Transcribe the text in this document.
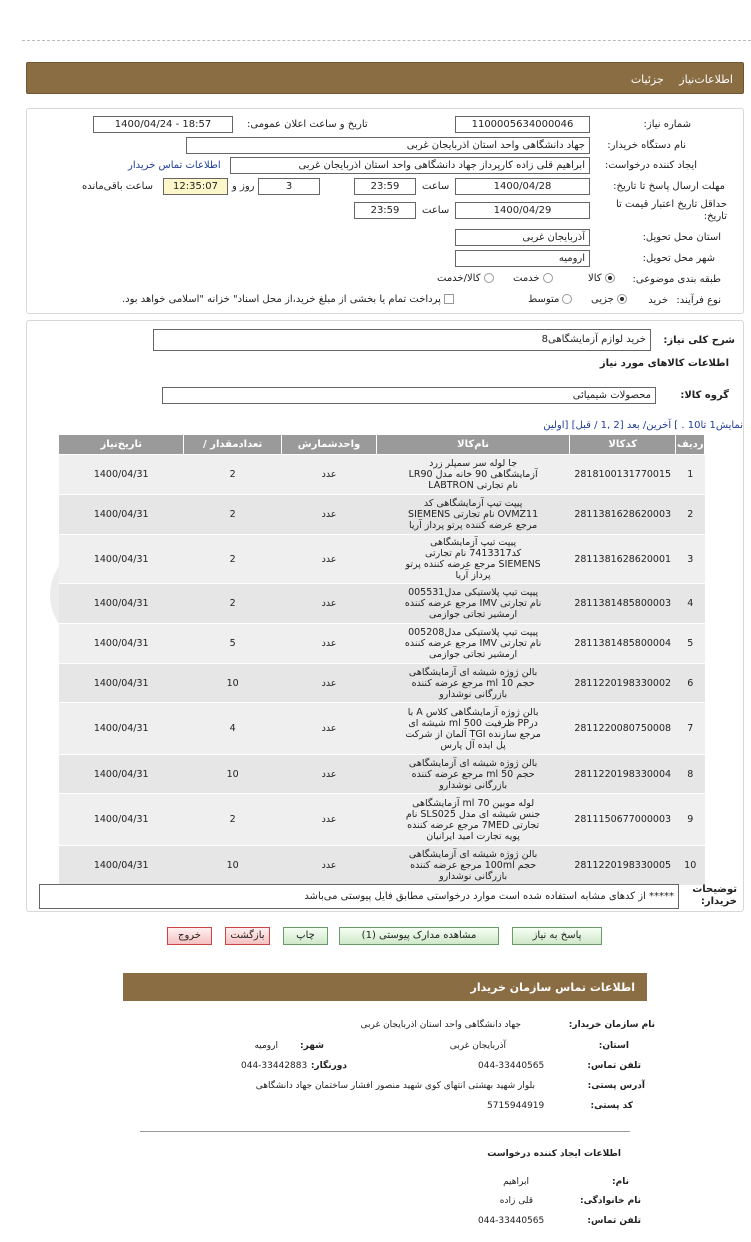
اطلاعات‌نیاز جزئیات
شماره نیاز:
1100005634000046
تاریخ و ساعت اعلان عمومی:
1400/04/24 - 18:57
نام دستگاه خریدار:
جهاد دانشگاهی واحد استان اذربایجان غربی
ایجاد کننده درخواست:
ابراهیم قلی زاده کارپرداز جهاد دانشگاهی واحد استان اذربایجان غربی
اطلاعات تماس خریدار
مهلت ارسال پاسخ تا تاریخ:
1400/04/28
ساعت
23:59
3
روز و
12:35:07
ساعت باقی‌مانده
حداقل تاریخ اعتبار قیمت تا تاریخ:
1400/04/29
ساعت
23:59
استان محل تحویل:
آذربایجان غربی
شهر محل تحویل:
ارومیه
طبقه بندی موضوعی:
کالا
خدمت
کالا/خدمت
نوع فرآیند:
خرید
جزیی
متوسط
پرداخت تمام یا بخشی از مبلغ خرید،از محل اسناد" خزانه "اسلامی خواهد بود.
شرح کلی نیاز:
خرید لوازم آزمایشگاهی8
اطلاعات کالاهای مورد نیاز
گروه کالا:
محصولات شیمیائی
نمایش1 تا10 . ] آخرین/ بعد [2 ,1 / قبل] [اولین
ردیف	کدکالا	نام‌کالا	واحدشمارش	تعدادمقدار /	تاریخ‌نیاز
1	2818100131770015	جا لوله سر سمپلر زرد آزمایشگاهی 90 خانه مدل LR90 نام تجارتی LABTRON	عدد	2	1400/04/31
2	2811381628620003	پیپت تیپ آزمایشگاهی کد OVMZ11 نام تجارتی SIEMENS مرجع عرضه کننده پرتو پرداز آریا	عدد	2	1400/04/31
3	2811381628620001	پیپت تیپ آزمایشگاهی کد7413317 نام تجارتی SIEMENS مرجع عرضه کننده پرتو پرداز آریا	عدد	2	1400/04/31
4	2811381485800003	پیپت تیپ پلاستیکی مدل005531 نام تجارتی IMV مرجع عرضه کننده ارمشیر تجاتی جوازمی	عدد	2	1400/04/31
5	2811381485800004	پیپت تیپ پلاستیکی مدل005208 نام تجارتی IMV مرجع عرضه کننده ارمشیر تجاتی جوازمی	عدد	5	1400/04/31
6	2811220198330002	بالن ژوژه شیشه ای آزمایشگاهی حجم 10 ml مرجع عرضه کننده بازرگانی نوشدارو	عدد	10	1400/04/31
7	2811220080750008	بالن ژوژه آزمایشگاهی کلاس A با درPP ظرفیت 500 ml شیشه ای مرجع سازنده TGI آلمان از شرکت پل ایده آل پارس	عدد	4	1400/04/31
8	2811220198330004	بالن ژوژه شیشه ای آزمایشگاهی حجم 50 ml مرجع عرضه کننده بازرگانی نوشدارو	عدد	10	1400/04/31
9	2811150677000003	لوله موبین 70 ml آزمایشگاهی جنس شیشه ای مدل SLS025 نام تجارتی 7MED مرجع عرضه کننده پویه تجارت امید ایرانیان	عدد	2	1400/04/31
10	2811220198330005	بالن ژوژه شیشه ای آزمایشگاهی حجم 100ml مرجع عرضه کننده بازرگانی نوشدارو	عدد	10	1400/04/31
توضیحات خریدار:
***** از کدهای مشابه استفاده شده است موارد درخواستی مطابق فایل پیوستی می‌باشد
پاسخ به نیاز
مشاهده مدارک پیوستی (1)
چاپ
بازگشت
خروج
اطلاعات تماس سازمان خریدار
نام سازمان خریدار:
جهاد دانشگاهی واحد استان اذربایجان غربی
استان:
آذربایجان غربی
شهر:
ارومیه
تلفن تماس:
044-33440565
دورنگار:
044-33442883
آدرس پستی:
بلوار شهید بهشتی انتهای کوی شهید منصور افشار ساختمان جهاد دانشگاهی
کد پستی:
5715944919
اطلاعات ایجاد کننده درخواست
نام:
ابراهیم
نام خانوادگی:
قلی زاده
تلفن تماس:
044-33440565
